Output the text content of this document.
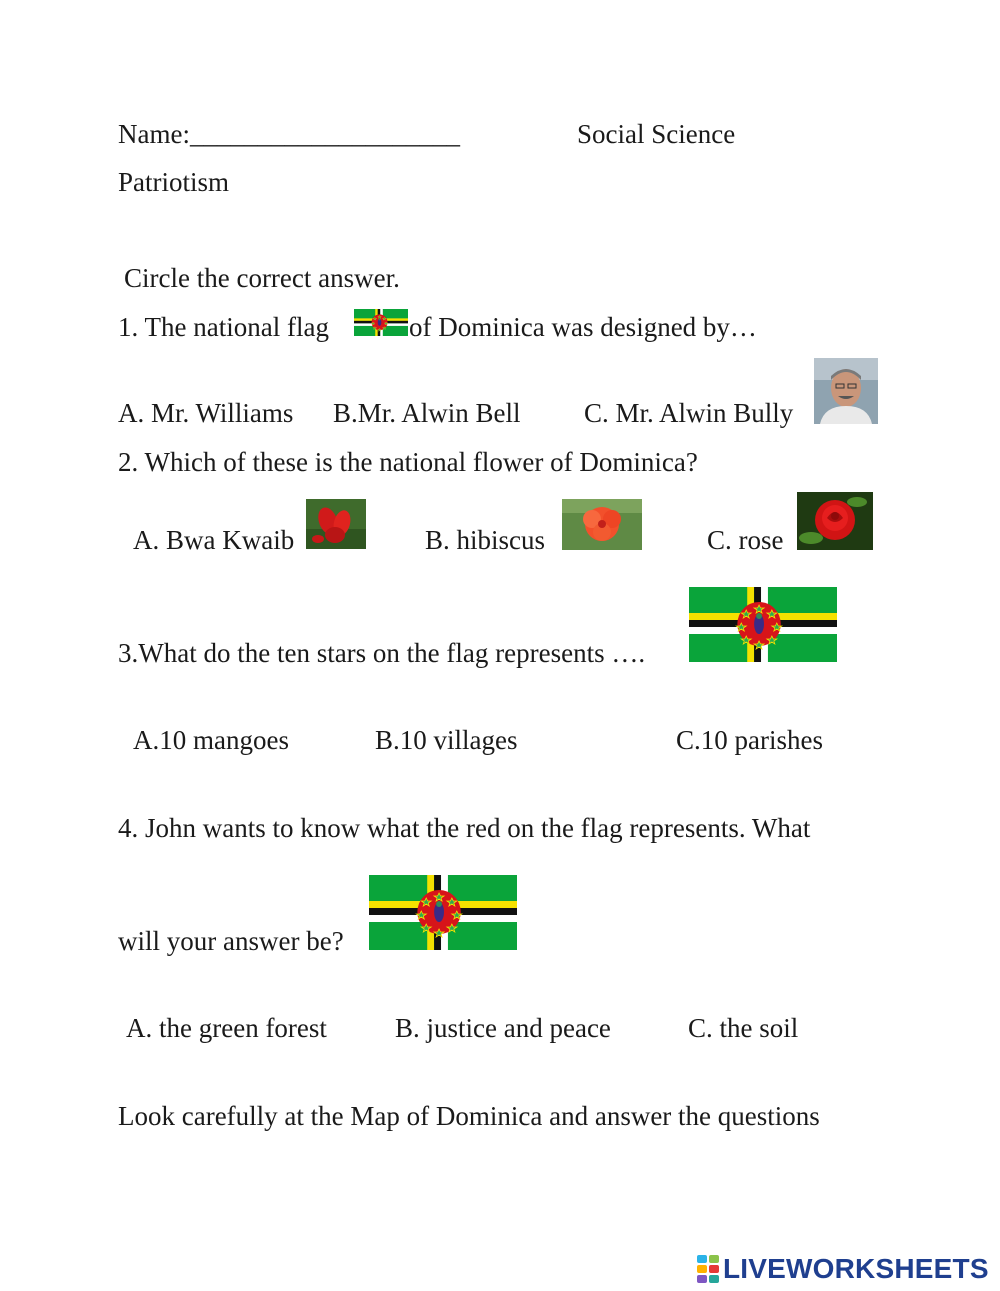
Name:____________________	Social Science
Patriotism
Circle the correct answer.
1. The national flag	of Dominica was designed by…
A. Mr. Williams B.Mr. Alwin Bell C. Mr. Alwin Bully
2. Which of these is the national flower of Dominica?
A. Bwa Kwaib	B. hibiscus	C. rose
3.What do the ten stars on the flag represents ….
A.10 mangoes	B.10 villages	C.10 parishes
4. John wants to know what the red on the flag represents. What
will your answer be?
A. the green forest	B. justice and peace	C. the soil
Look carefully at the Map of Dominica and answer the questions
LIVEWORKSHEETS
